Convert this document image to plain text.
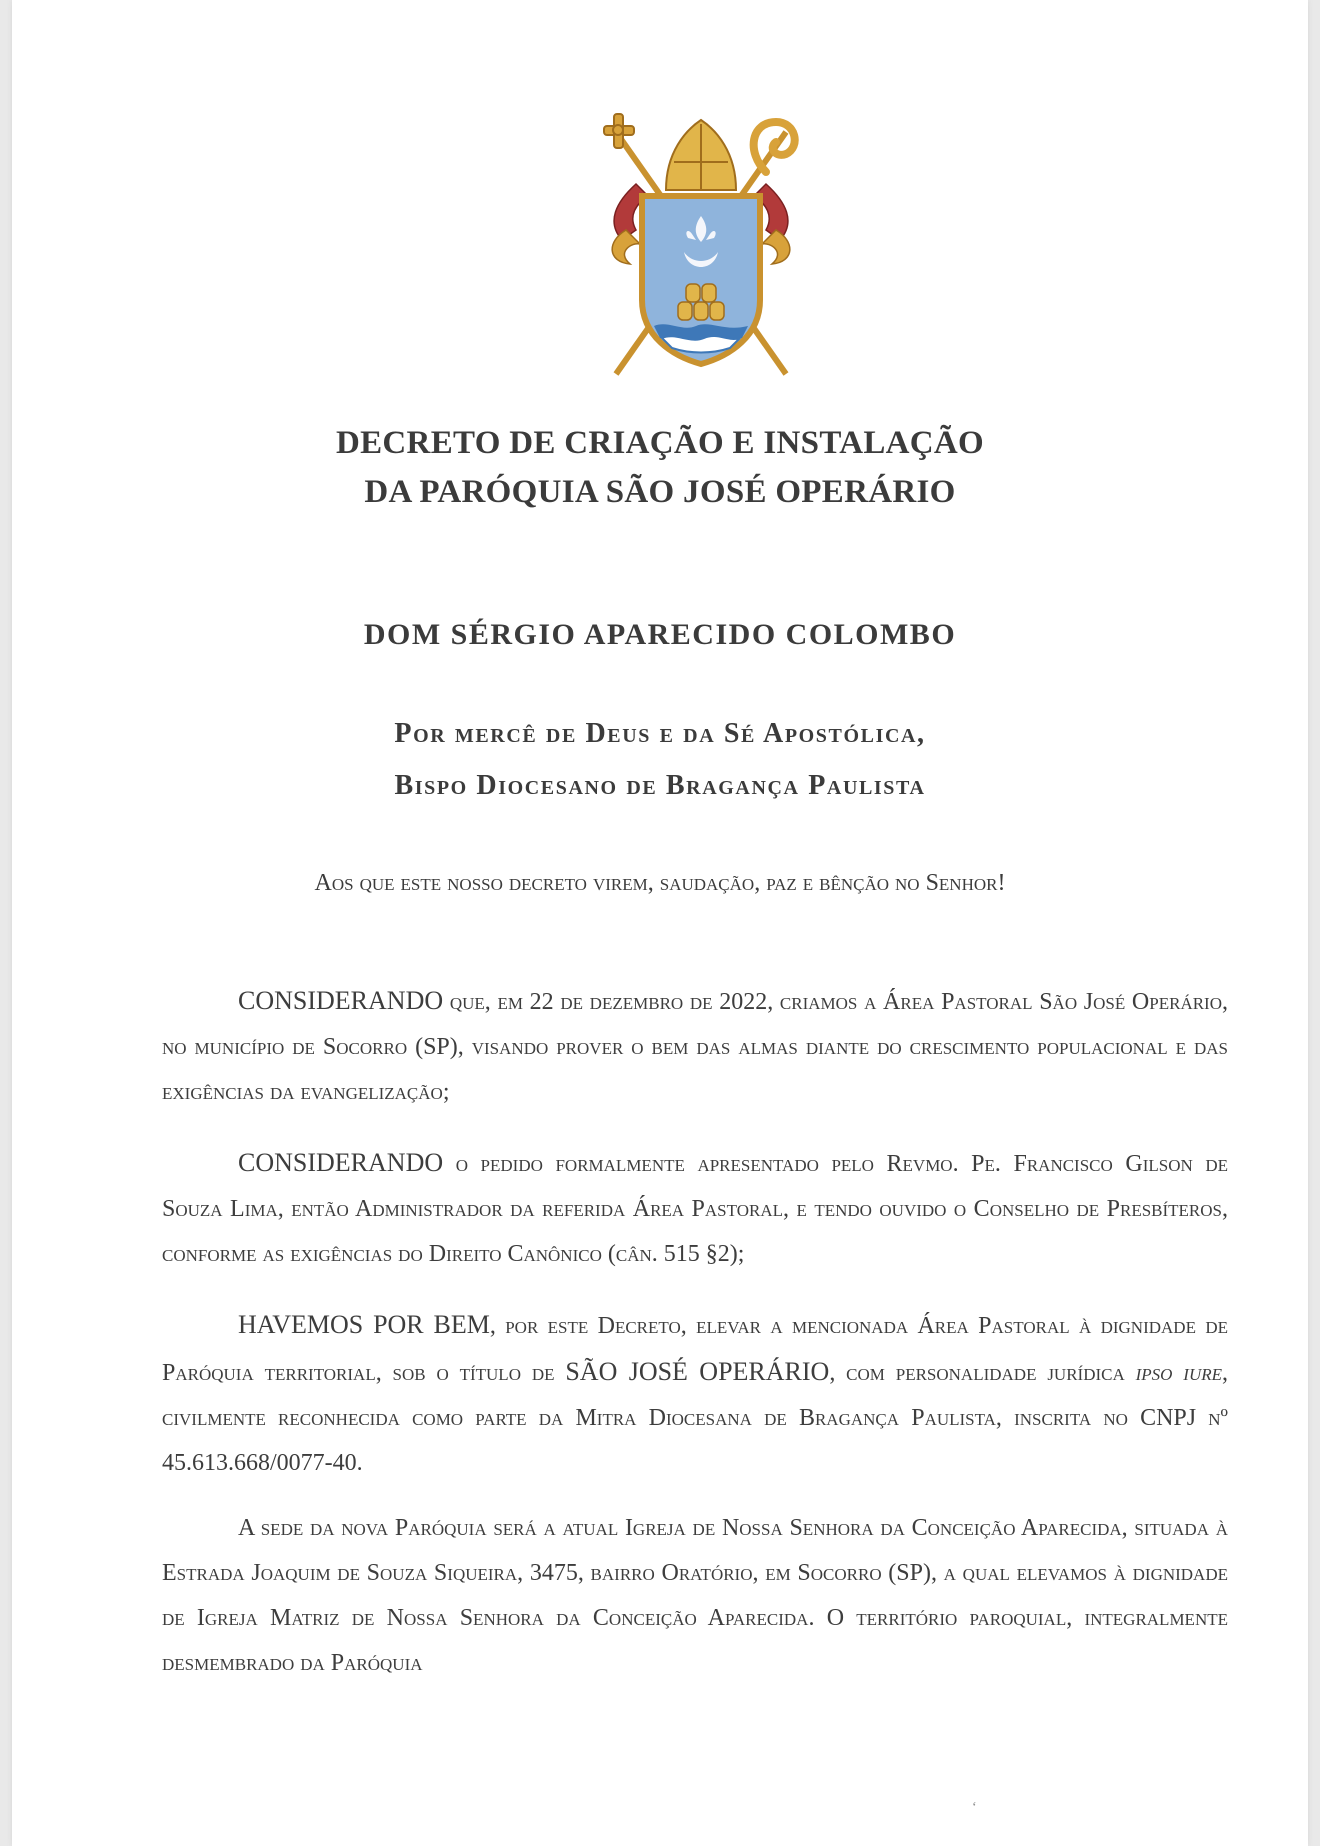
DECRETO DE CRIAÇÃO E INSTALAÇÃO
DA PARÓQUIA SÃO JOSÉ OPERÁRIO
DOM SÉRGIO APARECIDO COLOMBO
Por mercê de Deus e da Sé Apostólica,
Bispo Diocesano de Bragança Paulista
Aos que este nosso decreto virem, saudação, paz e bênção no Senhor!

CONSIDERANDO que, em 22 de dezembro de 2022, criamos a Área Pastoral São José Operário, no município de Socorro (SP), visando prover o bem das almas diante do crescimento populacional e das exigências da evangelização;

CONSIDERANDO o pedido formalmente apresentado pelo Revmo. Pe. Francisco Gilson de Souza Lima, então Administrador da referida Área Pastoral, e tendo ouvido o Conselho de Presbíteros, conforme as exigências do Direito Canônico (cân. 515 §2);

HAVEMOS POR BEM, por este Decreto, elevar a mencionada Área Pastoral à dignidade de Paróquia territorial, sob o título de SÃO JOSÉ OPERÁRIO, com personalidade jurídica ipso iure, civilmente reconhecida como parte da Mitra Diocesana de Bragança Paulista, inscrita no CNPJ nº 45.613.668/0077-40.

A sede da nova Paróquia será a atual Igreja de Nossa Senhora da Conceição Aparecida, situada à Estrada Joaquim de Souza Siqueira, 3475, bairro Oratório, em Socorro (SP), a qual elevamos à dignidade de Igreja Matriz de Nossa Senhora da Conceição Aparecida. O território paroquial, integralmente desmembrado da Paróquia

‘
